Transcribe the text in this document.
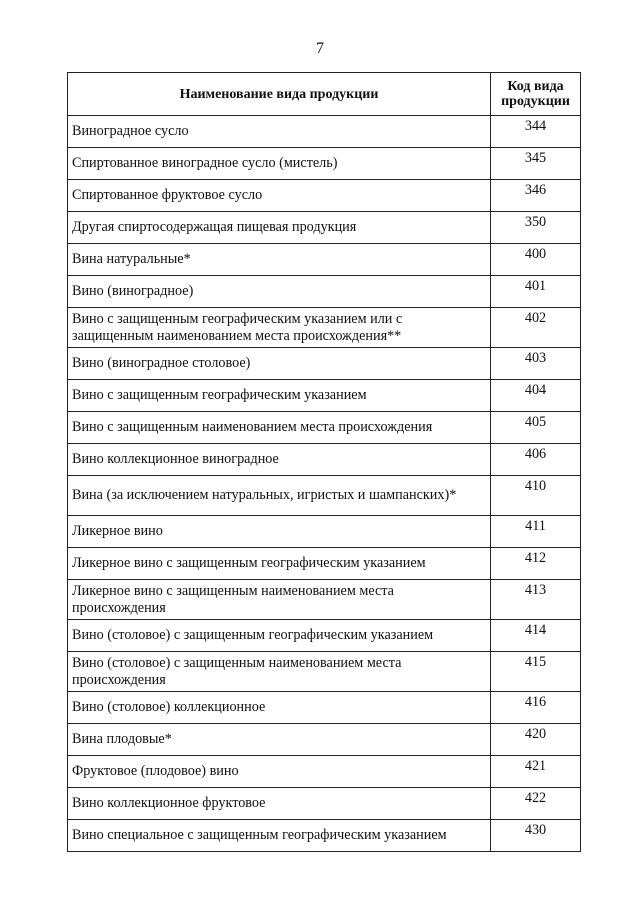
7
Наименование вида продукции	Код вида продукции
Виноградное сусло	344
Спиртованное виноградное сусло (мистель)	345
Спиртованное фруктовое сусло	346
Другая спиртосодержащая пищевая продукция	350
Вина натуральные*	400
Вино (виноградное)	401
Вино с защищенным географическим указанием или с защищенным наименованием места происхождения**	402
Вино (виноградное столовое)	403
Вино с защищенным географическим указанием	404
Вино с защищенным наименованием места происхождения	405
Вино коллекционное виноградное	406
Вина (за исключением натуральных, игристых и шампанских)*	410
Ликерное вино	411
Ликерное вино с защищенным географическим указанием	412
Ликерное вино с защищенным наименованием места происхождения	413
Вино (столовое) с защищенным географическим указанием	414
Вино (столовое) с защищенным наименованием места происхождения	415
Вино (столовое) коллекционное	416
Вина плодовые*	420
Фруктовое (плодовое) вино	421
Вино коллекционное фруктовое	422
Вино специальное с защищенным географическим указанием	430
